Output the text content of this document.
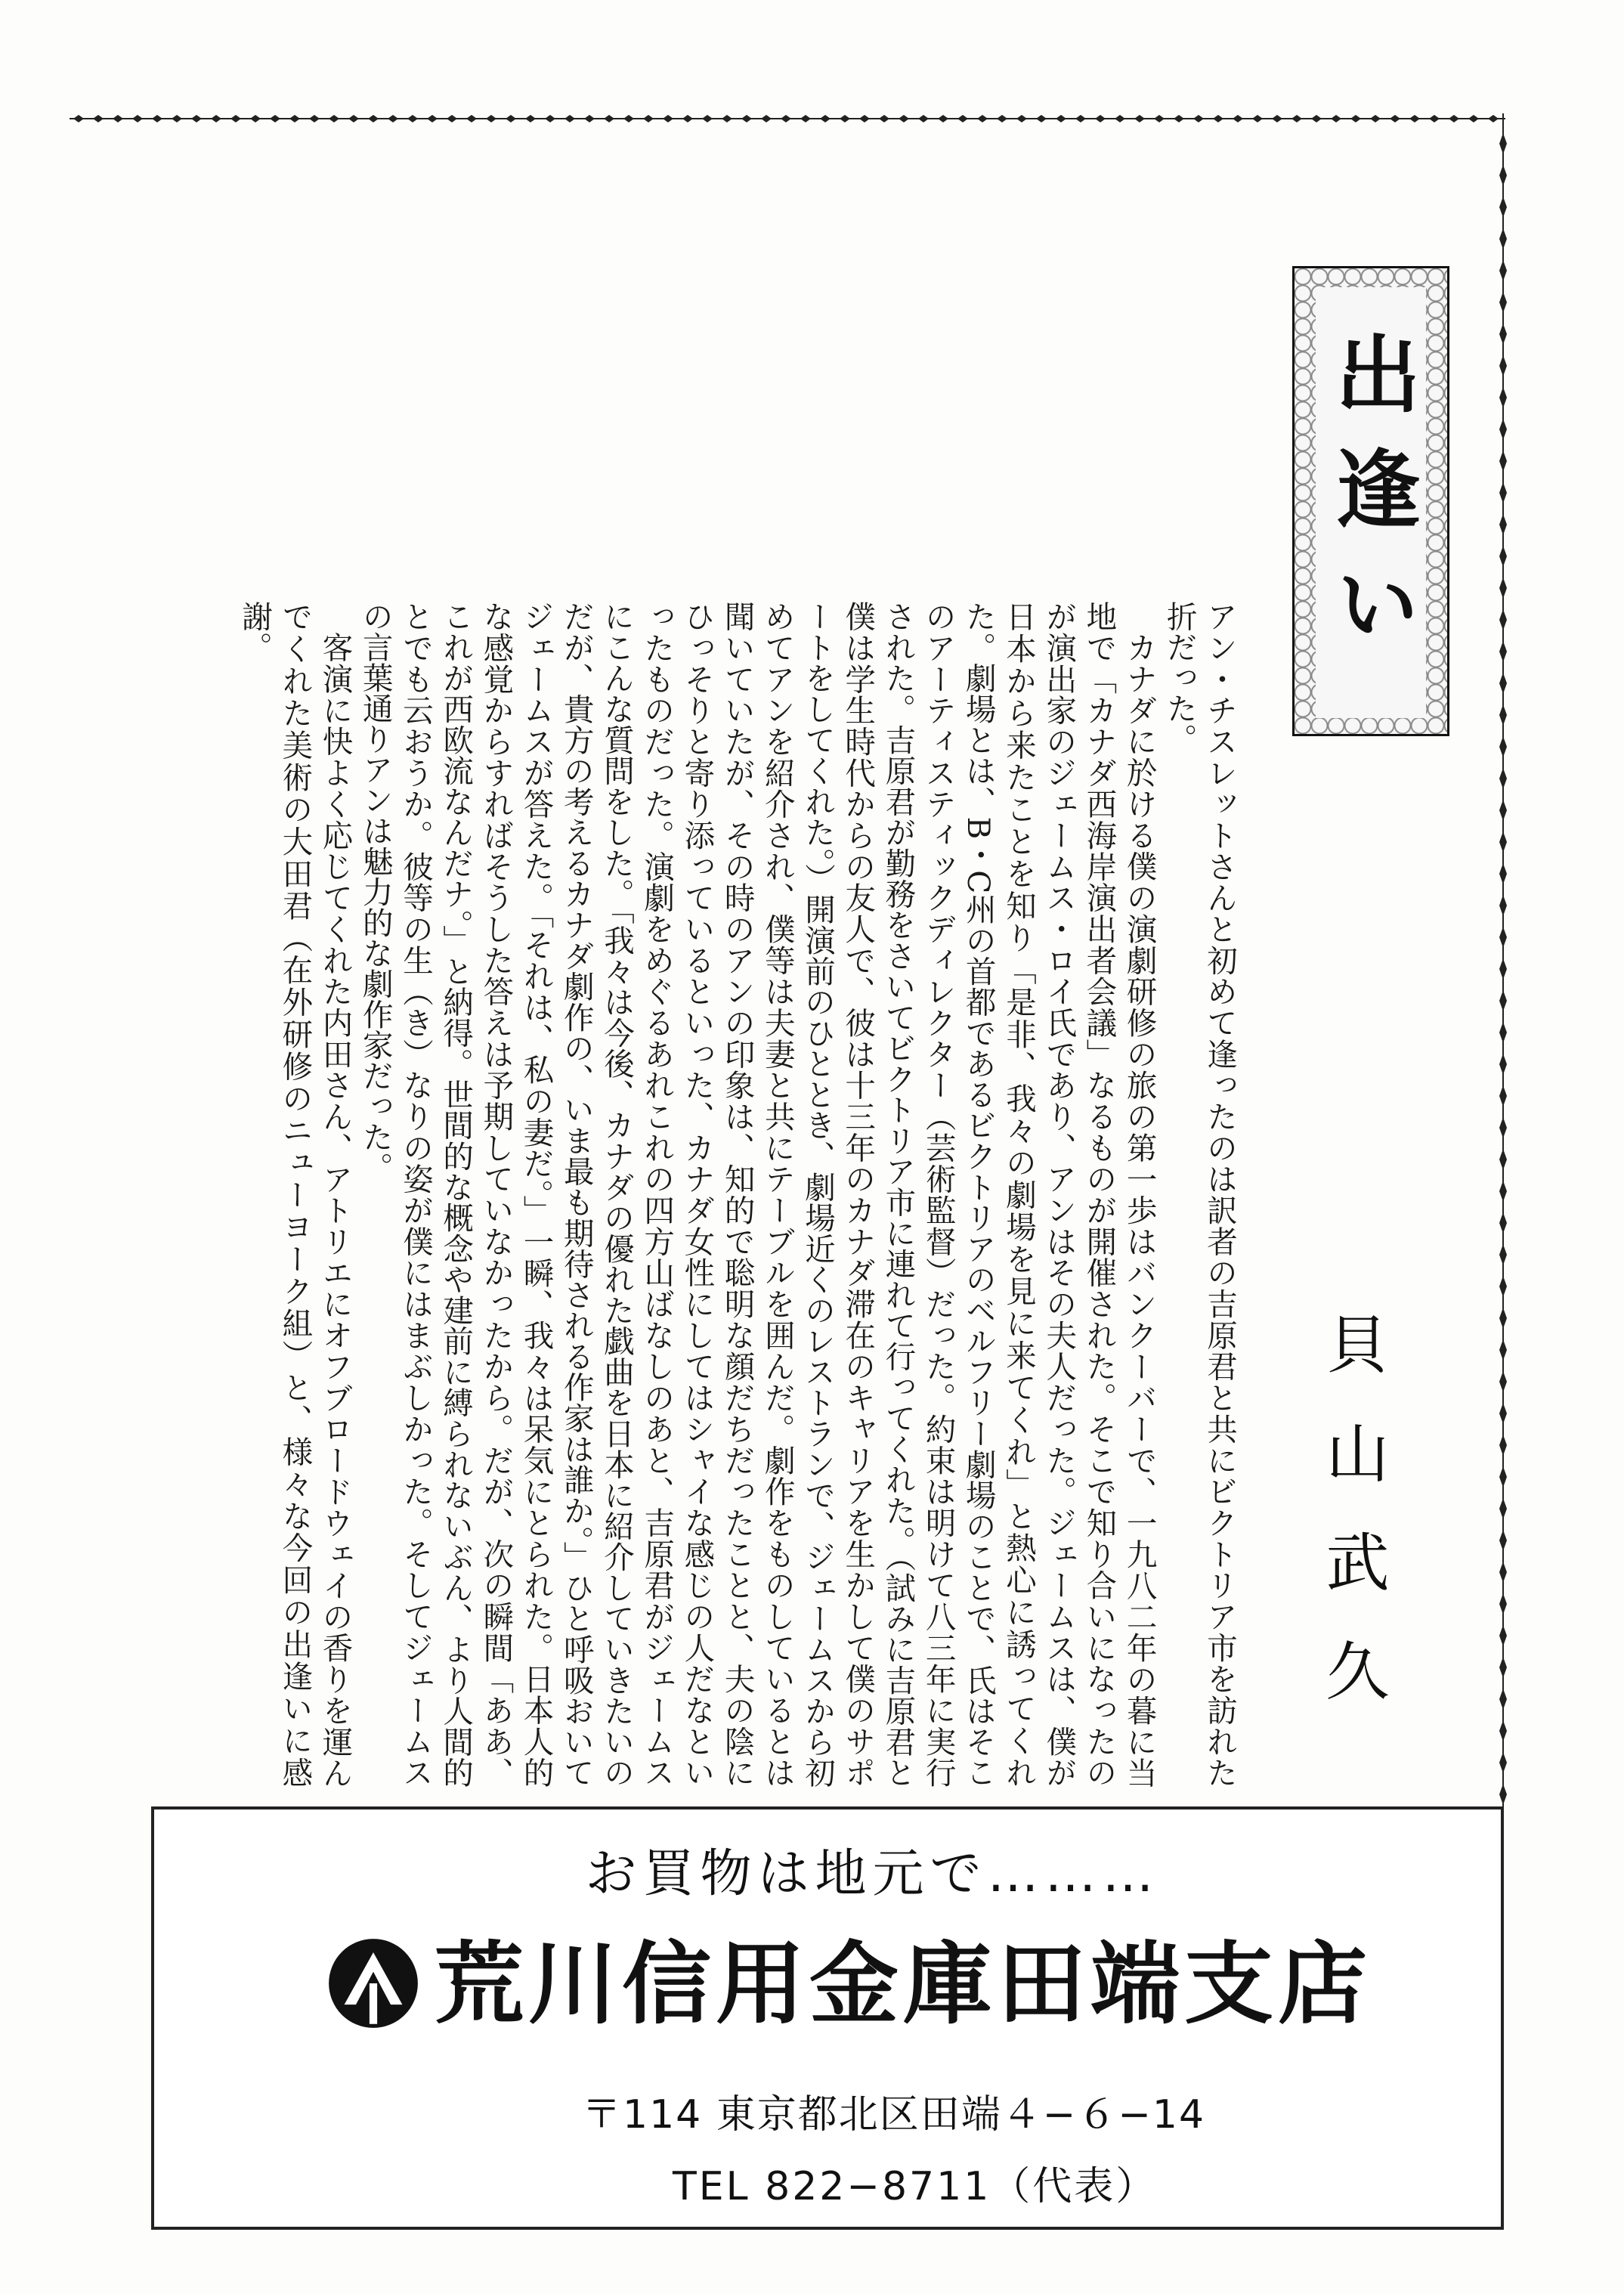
出逢い
貝山武久

アン・チスレットさんと初めて逢ったのは訳者の吉原君と共にビクトリア市を訪れた折だった。

カナダに於ける僕の演劇研修の旅の第一歩はバンクーバーで、一九八二年の暮に当地で「カナダ西海岸演出者会議」なるものが開催された。そこで知り合いになったのが演出家のジェームス・ロイ氏であり、アンはその夫人だった。ジェームスは、僕が日本から来たことを知り「是非、我々の劇場を見に来てくれ」と熱心に誘ってくれた。劇場とは、B・C州の首都であるビクトリアのベルフリー劇場のことで、氏はそこのアーティスティックディレクター（芸術監督）だった。約束は明けて八三年に実行された。吉原君が勤務をさいてビクトリア市に連れて行ってくれた。（試みに吉原君と僕は学生時代からの友人で、彼は十三年のカナダ滞在のキャリアを生かして僕のサポートをしてくれた。）開演前のひととき、劇場近くのレストランで、ジェームスから初めてアンを紹介され、僕等は夫妻と共にテーブルを囲んだ。劇作をものしているとは聞いていたが、その時のアンの印象は、知的で聡明な顔だちだったことと、夫の陰にひっそりと寄り添っているといった、カナダ女性にしてはシャイな感じの人だなといったものだった。演劇をめぐるあれこれの四方山ばなしのあと、吉原君がジェームスにこんな質問をした。「我々は今後、カナダの優れた戯曲を日本に紹介していきたいのだが、貴方の考えるカナダ劇作の、いま最も期待される作家は誰か。」ひと呼吸おいてジェームスが答えた。「それは、私の妻だ。」一瞬、我々は呆気にとられた。日本人的な感覚からすればそうした答えは予期していなかったから。だが、次の瞬間「ああ、これが西欧流なんだナ。」と納得。世間的な概念や建前に縛られないぶん、より人間的とでも云おうか。彼等の生（き）なりの姿が僕にはまぶしかった。そしてジェームスの言葉通りアンは魅力的な劇作家だった。

客演に快よく応じてくれた内田さん、アトリエにオフブロードウェイの香りを運んでくれた美術の大田君（在外研修のニューヨーク組）と、様々な今回の出逢いに感謝。

お買物は地元で………
荒川信用金庫田端支店
〒114 東京都北区田端４−６−14
TEL 822−8711（代表）
